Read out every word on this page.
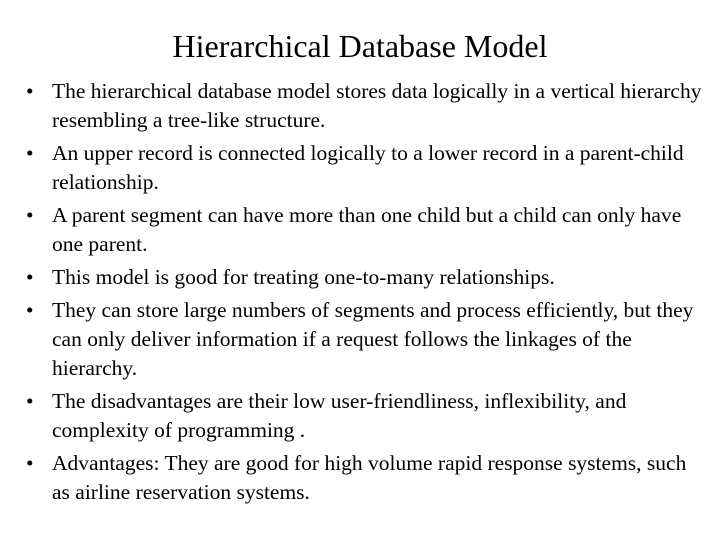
Hierarchical Database Model
• The hierarchical database model stores data logically in a vertical hierarchy resembling a tree-like structure.
• An upper record is connected logically to a lower record in a parent-child relationship.
• A parent segment can have more than one child but a child can only have one parent.
• This model is good for treating one-to-many relationships.
• They can store large numbers of segments and process efficiently, but they can only deliver information if a request follows the linkages of the hierarchy.
• The disadvantages are their low user-friendliness, inflexibility, and complexity of programming .
• Advantages: They are good for high volume rapid response systems, such as airline reservation systems.
